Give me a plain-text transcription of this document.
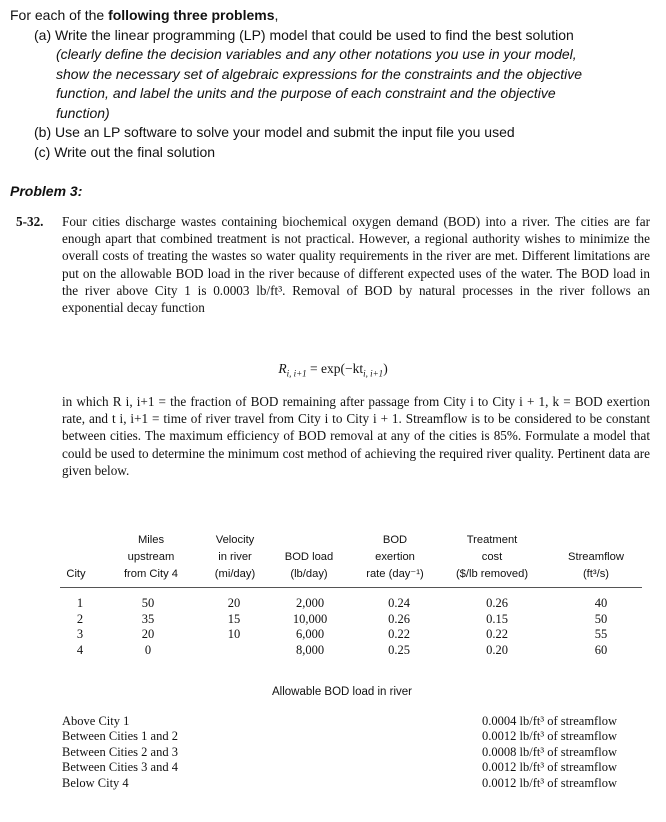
For each of the following three problems,
(a) Write the linear programming (LP) model that could be used to find the best solution
(clearly define the decision variables and any other notations you use in your model,
show the necessary set of algebraic expressions for the constraints and the objective
function, and label the units and the purpose of each constraint and the objective
function)
(b) Use an LP software to solve your model and submit the input file you used
(c) Write out the final solution
Problem 3:
5-32.	Four cities discharge wastes containing biochemical oxygen demand (BOD) into a river. The cities are far enough apart that combined treatment is not practical. However, a regional authority wishes to minimize the overall costs of treating the wastes so water quality requirements in the river are met. Different limitations are put on the allowable BOD load in the river because of different expected uses of the water. The BOD load in the river above City 1 is 0.0003 lb/ft³. Removal of BOD by natural processes in the river follows an exponential decay function
$R_{i, i+1} = \exp(-kt_{i, i+1})$
in which R i, i+1 = the fraction of BOD remaining after passage from City i to City i + 1, k = BOD exertion rate, and t i, i+1 = time of river travel from City i to City i + 1. Streamflow is to be considered to be constant between cities. The maximum efficiency of BOD removal at any of the cities is 85%. Formulate a model that could be used to determine the minimum cost method of achieving the required river quality. Pertinent data are given below.
City
Miles
upstream
from City 4
Velocity
in river
(mi/day)
BOD load
(lb/day)
BOD
exertion
rate (day⁻¹)
Treatment
cost
($/lb removed)
Streamflow
(ft³/s)
1
2
3
4
50
35
20
0
20
15
10
2,000
10,000
6,000
8,000
0.24
0.26
0.22
0.25
0.26
0.15
0.22
0.20
40
50
55
60
Allowable BOD load in river
Above City 1
Between Cities 1 and 2
Between Cities 2 and 3
Between Cities 3 and 4
Below City 4
0.0004 lb/ft³ of streamflow
0.0012 lb/ft³ of streamflow
0.0008 lb/ft³ of streamflow
0.0012 lb/ft³ of streamflow
0.0012 lb/ft³ of streamflow
